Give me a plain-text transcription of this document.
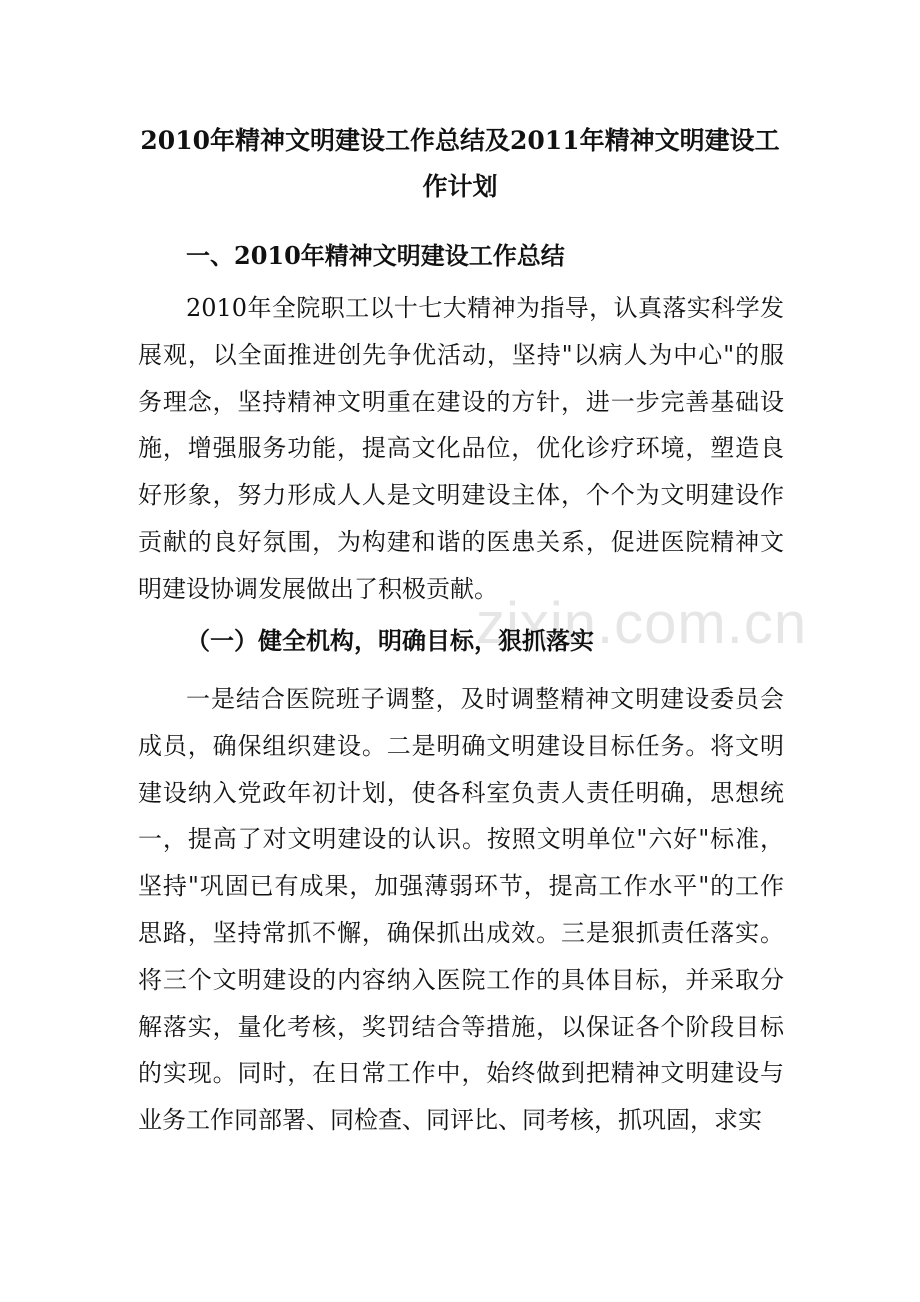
2010年精神文明建设工作总结及2011年精神文明建设工作计划
一、2010年精神文明建设工作总结

2010年全院职工以十七大精神为指导，认真落实科学发展观，以全面推进创先争优活动，坚持"以病人为中心"的服务理念，坚持精神文明重在建设的方针，进一步完善基础设施，增强服务功能，提高文化品位，优化诊疗环境，塑造良好形象，努力形成人人是文明建设主体，个个为文明建设作贡献的良好氛围，为构建和谐的医患关系，促进医院精神文明建设协调发展做出了积极贡献。

zixin.com.cn
（一）健全机构，明确目标，狠抓落实

一是结合医院班子调整，及时调整精神文明建设委员会成员，确保组织建设。二是明确文明建设目标任务。将文明建设纳入党政年初计划，使各科室负责人责任明确，思想统一，提高了对文明建设的认识。按照文明单位"六好"标准，坚持"巩固已有成果，加强薄弱环节，提高工作水平"的工作思路，坚持常抓不懈，确保抓出成效。三是狠抓责任落实。将三个文明建设的内容纳入医院工作的具体目标，并采取分解落实，量化考核，奖罚结合等措施，以保证各个阶段目标的实现。同时，在日常工作中，始终做到把精神文明建设与业务工作同部署、同检查、同评比、同考核，抓巩固，求实
